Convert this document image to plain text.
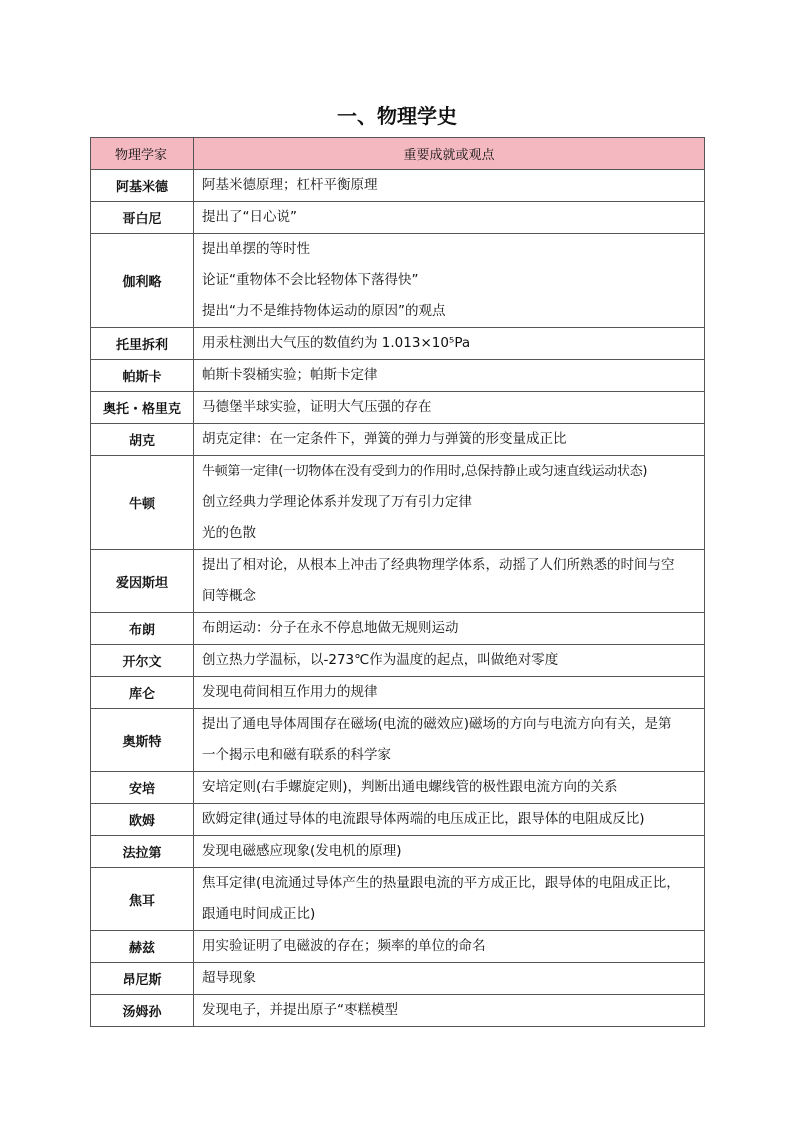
一、物理学史
物理学家	重要成就或观点
阿基米德	阿基米德原理；杠杆平衡原理

哥白尼	提出了“日心说”

伽利略	提出单摆的等时性
论证“重物体不会比轻物体下落得快”
提出“力不是维持物体运动的原因”的观点

托里拆利	用汞柱测出大气压的数值约为 1.013×10⁵Pa

帕斯卡	帕斯卡裂桶实验；帕斯卡定律

奥托・格里克	马德堡半球实验，证明大气压强的存在

胡克	胡克定律：在一定条件下，弹簧的弹力与弹簧的形变量成正比

牛顿	牛顿第一定律(一切物体在没有受到力的作用时,总保持静止或匀速直线运动状态)
创立经典力学理论体系并发现了万有引力定律
光的色散

爱因斯坦	提出了相对论，从根本上冲击了经典物理学体系，动摇了人们所熟悉的时间与空
间等概念

布朗	布朗运动：分子在永不停息地做无规则运动

开尔文	创立热力学温标，以-273℃作为温度的起点，叫做绝对零度

库仑	发现电荷间相互作用力的规律

奥斯特	提出了通电导体周围存在磁场(电流的磁效应)磁场的方向与电流方向有关，是第
一个揭示电和磁有联系的科学家

安培	安培定则(右手螺旋定则)，判断出通电螺线管的极性跟电流方向的关系

欧姆	欧姆定律(通过导体的电流跟导体两端的电压成正比，跟导体的电阻成反比)

法拉第	发现电磁感应现象(发电机的原理)

焦耳	焦耳定律(电流通过导体产生的热量跟电流的平方成正比，跟导体的电阻成正比，
跟通电时间成正比)

赫兹	用实验证明了电磁波的存在；频率的单位的命名

昂尼斯	超导现象

汤姆孙	发现电子，并提出原子“枣糕模型
